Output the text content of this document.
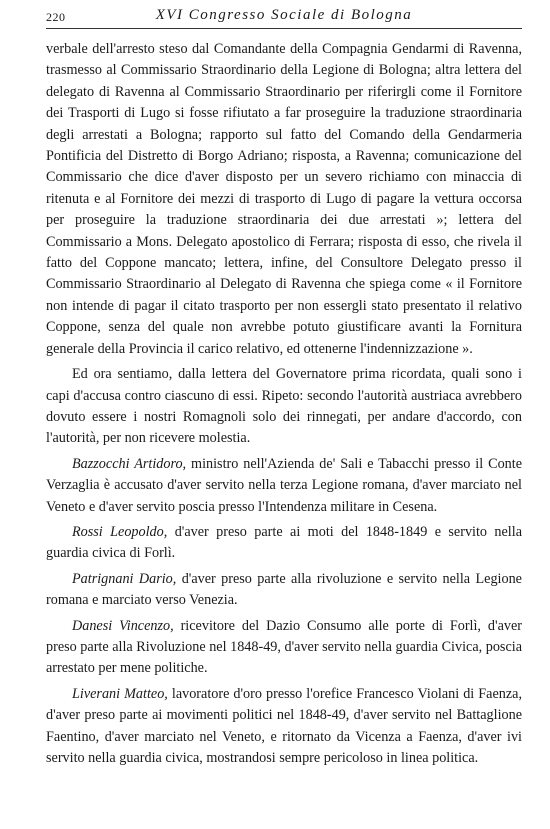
220	XVI Congresso Sociale di Bologna

verbale dell'arresto steso dal Comandante della Compagnia Gendarmi di Ravenna, trasmesso al Commissario Straordinario della Legione di Bologna; altra lettera del delegato di Ravenna al Commissario Straordinario per riferirgli come il Fornitore dei Trasporti di Lugo si fosse rifiutato a far proseguire la traduzione straordinaria degli arrestati a Bologna; rapporto sul fatto del Comando della Gendarmeria Pontificia del Distretto di Borgo Adriano; risposta, a Ravenna; comunicazione del Commissario che dice d'aver disposto per un severo richiamo con minaccia di ritenuta e al Fornitore dei mezzi di trasporto di Lugo di pagare la vettura occorsa per proseguire la traduzione straordinaria dei due arrestati »; lettera del Commissario a Mons. Delegato apostolico di Ferrara; risposta di esso, che rivela il fatto del Coppone mancato; lettera, infine, del Consultore Delegato presso il Commissario Straordinario al Delegato di Ravenna che spiega come « il Fornitore non intende di pagar il citato trasporto per non essergli stato presentato il relativo Coppone, senza del quale non avrebbe potuto giustificare avanti la Fornitura generale della Provincia il carico relativo, ed ottenerne l'indennizzazione ».

Ed ora sentiamo, dalla lettera del Governatore prima ricordata, quali sono i capi d'accusa contro ciascuno di essi. Ripeto: secondo l'autorità austriaca avrebbero dovuto essere i nostri Romagnoli solo dei rinnegati, per andare d'accordo, con l'autorità, per non ricevere molestia.

Bazzocchi Artidoro, ministro nell'Azienda de' Sali e Tabacchi presso il Conte Verzaglia è accusato d'aver servito nella terza Legione romana, d'aver marciato nel Veneto e d'aver servito poscia presso l'Intendenza militare in Cesena.

Rossi Leopoldo, d'aver preso parte ai moti del 1848-1849 e servito nella guardia civica di Forlì.

Patrignani Dario, d'aver preso parte alla rivoluzione e servito nella Legione romana e marciato verso Venezia.

Danesi Vincenzo, ricevitore del Dazio Consumo alle porte di Forlì, d'aver preso parte alla Rivoluzione nel 1848-49, d'aver servito nella guardia Civica, poscia arrestato per mene politiche.

Liverani Matteo, lavoratore d'oro presso l'orefice Francesco Violani di Faenza, d'aver preso parte ai movimenti politici nel 1848-49, d'aver servito nel Battaglione Faentino, d'aver marciato nel Veneto, e ritornato da Vicenza a Faenza, d'aver ivi servito nella guardia civica, mostrandosi sempre pericoloso in linea politica.
